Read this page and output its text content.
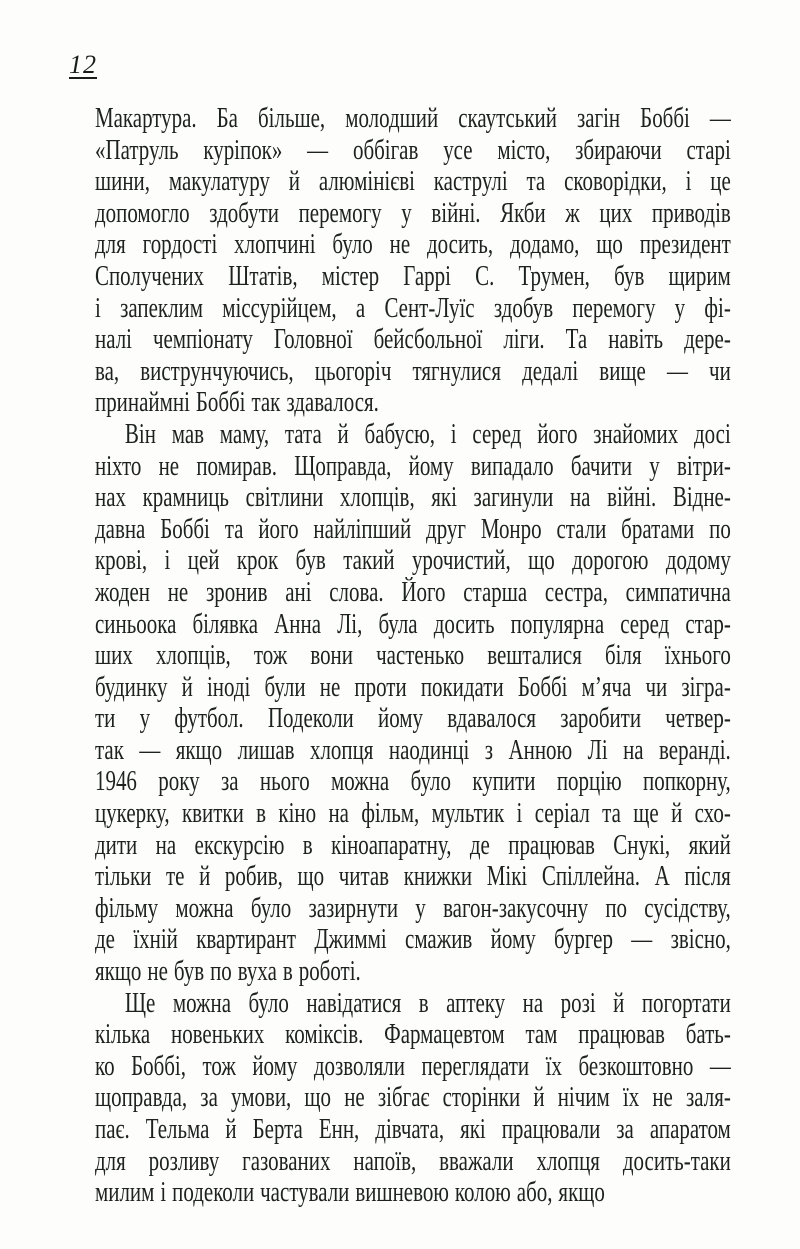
12
Макартура. Ба більше, молодший скаутський загін Боббі —
«Патруль куріпок» — оббігав усе місто, збираючи старі
шини, макулатуру й алюмінієві каструлі та сковорідки, і це
допомогло здобути перемогу у війні. Якби ж цих приводів
для гордості хлопчині було не досить, додамо, що президент
Сполучених Штатів, містер Гаррі С. Трумен, був щирим
і запеклим міссурійцем, а Сент-Луїс здобув перемогу у фі-
налі чемпіонату Головної бейсбольної ліги. Та навіть дере-
ва, виструнчуючись, цьогоріч тягнулися дедалі вище — чи
принаймні Боббі так здавалося.
Він мав маму, тата й бабусю, і серед його знайомих досі
ніхто не помирав. Щоправда, йому випадало бачити у вітри-
нах крамниць світлини хлопців, які загинули на війні. Відне-
давна Боббі та його найліпший друг Монро стали братами по
крові, і цей крок був такий урочистий, що дорогою додому
жоден не зронив ані слова. Його старша сестра, симпатична
синьоока білявка Анна Лі, була досить популярна серед стар-
ших хлопців, тож вони частенько вешталися біля їхнього
будинку й іноді були не проти покидати Боббі м’яча чи зігра-
ти у футбол. Подеколи йому вдавалося заробити четвер-
так — якщо лишав хлопця наодинці з Анною Лі на веранді.
1946 року за нього можна було купити порцію попкорну,
цукерку, квитки в кіно на фільм, мультик і серіал та ще й схо-
дити на екскурсію в кіноапаратну, де працював Снукі, який
тільки те й робив, що читав книжки Мікі Спіллейна. А після
фільму можна було зазирнути у вагон-закусочну по сусідству,
де їхній квартирант Джиммі смажив йому бургер — звісно,
якщо не був по вуха в роботі.
Ще можна було навідатися в аптеку на розі й погортати
кілька новеньких коміксів. Фармацевтом там працював бать-
ко Боббі, тож йому дозволяли переглядати їх безкоштовно —
щоправда, за умови, що не зібгає сторінки й нічим їх не заля-
пає. Тельма й Берта Енн, дівчата, які працювали за апаратом
для розливу газованих напоїв, вважали хлопця досить-таки
милим і подеколи частували вишневою колою або, якщо
